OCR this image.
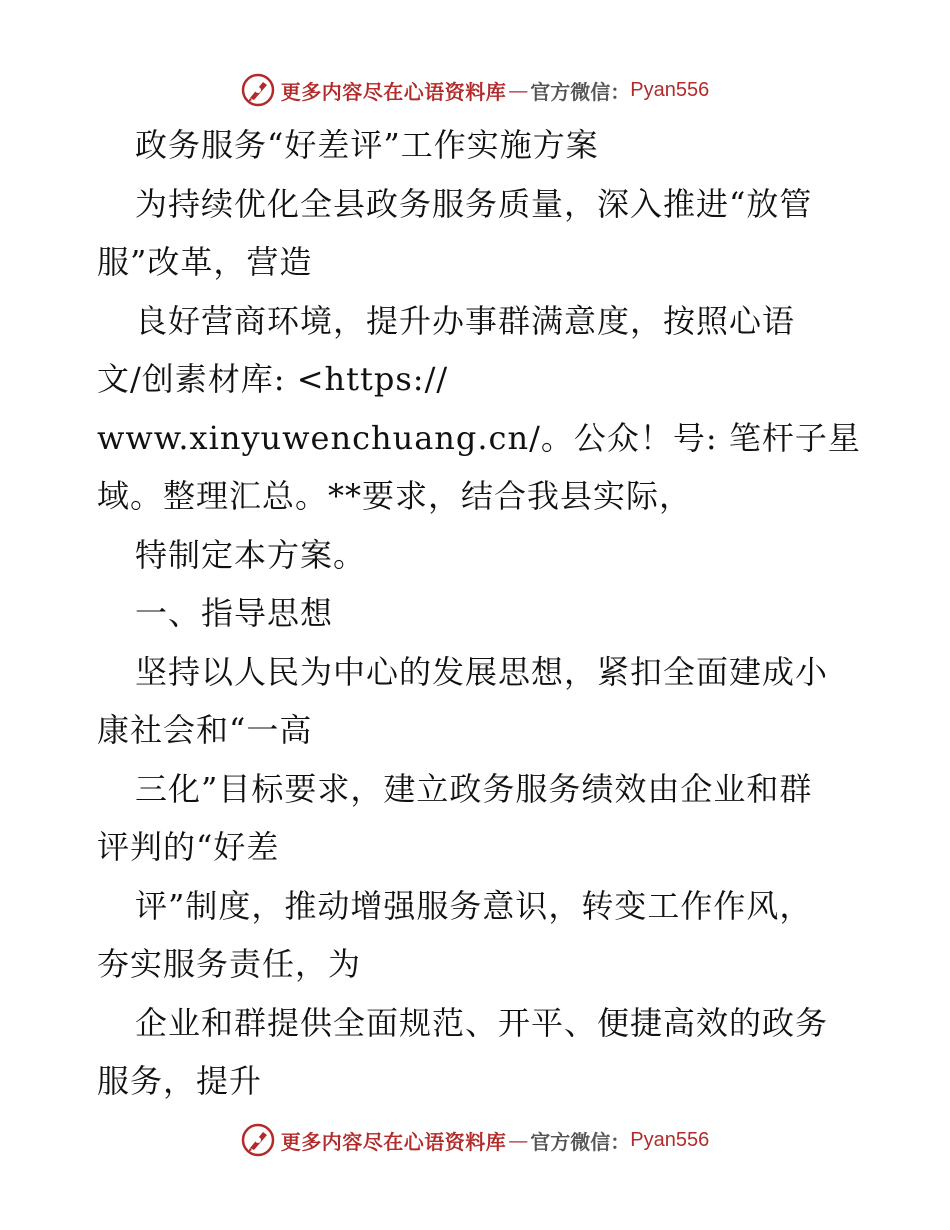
更多内容尽在心语资料库 — 官方微信： Pyan556
政务服务“好差评”工作实施方案
为持续优化全县政务服务质量，深入推进“放管
服”改革，营造
良好营商环境，提升办事群满意度，按照心语
文/创素材库: <https://
www.xinyuwenchuang.cn/。公众！号: 笔杆子星
域。整理汇总。**要求，结合我县实际，
特制定本方案。
一、指导思想
坚持以人民为中心的发展思想，紧扣全面建成小
康社会和“一高
三化”目标要求，建立政务服务绩效由企业和群
评判的“好差
评”制度，推动增强服务意识，转变工作作风，
夯实服务责任，为
企业和群提供全面规范、开平、便捷高效的政务
服务，提升
更多内容尽在心语资料库 — 官方微信： Pyan556
